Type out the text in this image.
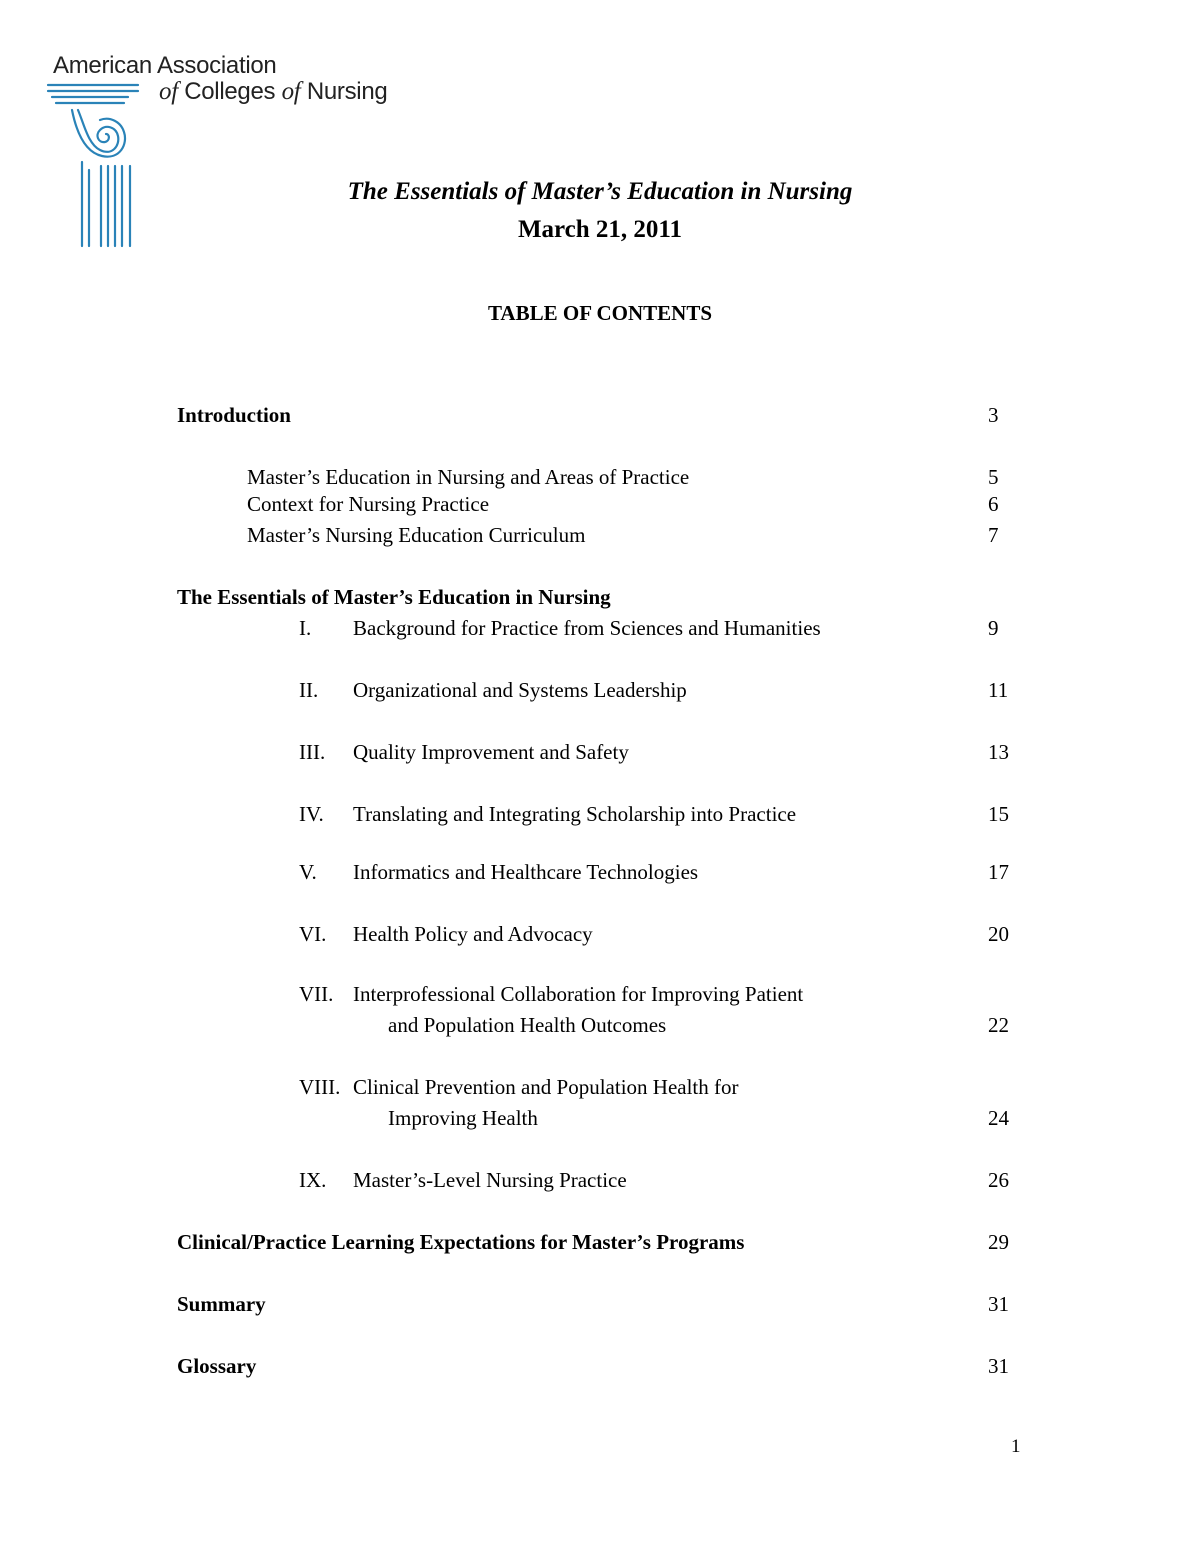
American Association
of Colleges of Nursing
The Essentials of Master’s Education in Nursing
March 21, 2011
TABLE OF CONTENTS
Introduction	3
Master’s Education in Nursing and Areas of Practice	5
Context for Nursing Practice	6
Master’s Nursing Education Curriculum	7
The Essentials of Master’s Education in Nursing
I. Background for Practice from Sciences and Humanities	9
II. Organizational and Systems Leadership	11
III. Quality Improvement and Safety	13
IV. Translating and Integrating Scholarship into Practice	15
V. Informatics and Healthcare Technologies	17
VI. Health Policy and Advocacy	20
VII. Interprofessional Collaboration for Improving Patient
and Population Health Outcomes	22
VIII. Clinical Prevention and Population Health for
Improving Health	24
IX. Master’s-Level Nursing Practice	26
Clinical/Practice Learning Expectations for Master’s Programs	29
Summary	31
Glossary	31
1
